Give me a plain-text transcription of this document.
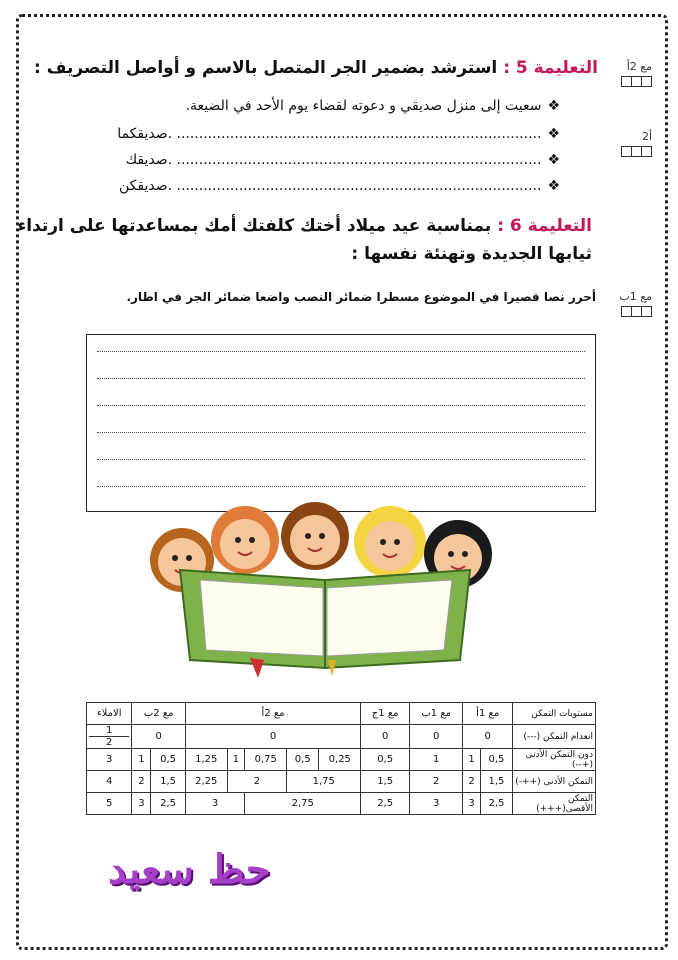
مع 2أ
2أ
مع 1ب
التعليمة 5 : استرشد بضمير الجر المتصل بالاسم و أواصل التصريف :
❖سعيت إلى منزل صديقي و دعوته لقضاء يوم الأحد في الضيعة.
❖.................................................................................. .صديقكما
❖.................................................................................. .صديقك
❖.................................................................................. .صديقكن
التعليمة 6 : بمناسبة عيد ميلاد أختك كلفتك أمك بمساعدتها على ارتداء
ثيابها الجديدة وتهنئة نفسها :
أحرر نصا قصيرا في الموضوع مسطرا ضمائر النصب واضعا ضمائر الجر في اطار.
مستويات التمكن	مع 1أ		مع 1ب	مع 1ج	مع 2أ					مع 2ب		الاملاء
انعدام التمكن (---)	0		0	0	0					0		1
2

دون التمكن الأدنى (+--)	0,5	1	1	0,5	0,25	0,5	0,75	1	1,25	0,5	1	3
التمكن الأدنى (++-)	1,5	2	2	1,5	1,75		2		2,25	1,5	2	4
التمكن الأقصى(+++)	2,5	3	3	2,5	2,75			3		2,5	3	5
حظ سعيد
